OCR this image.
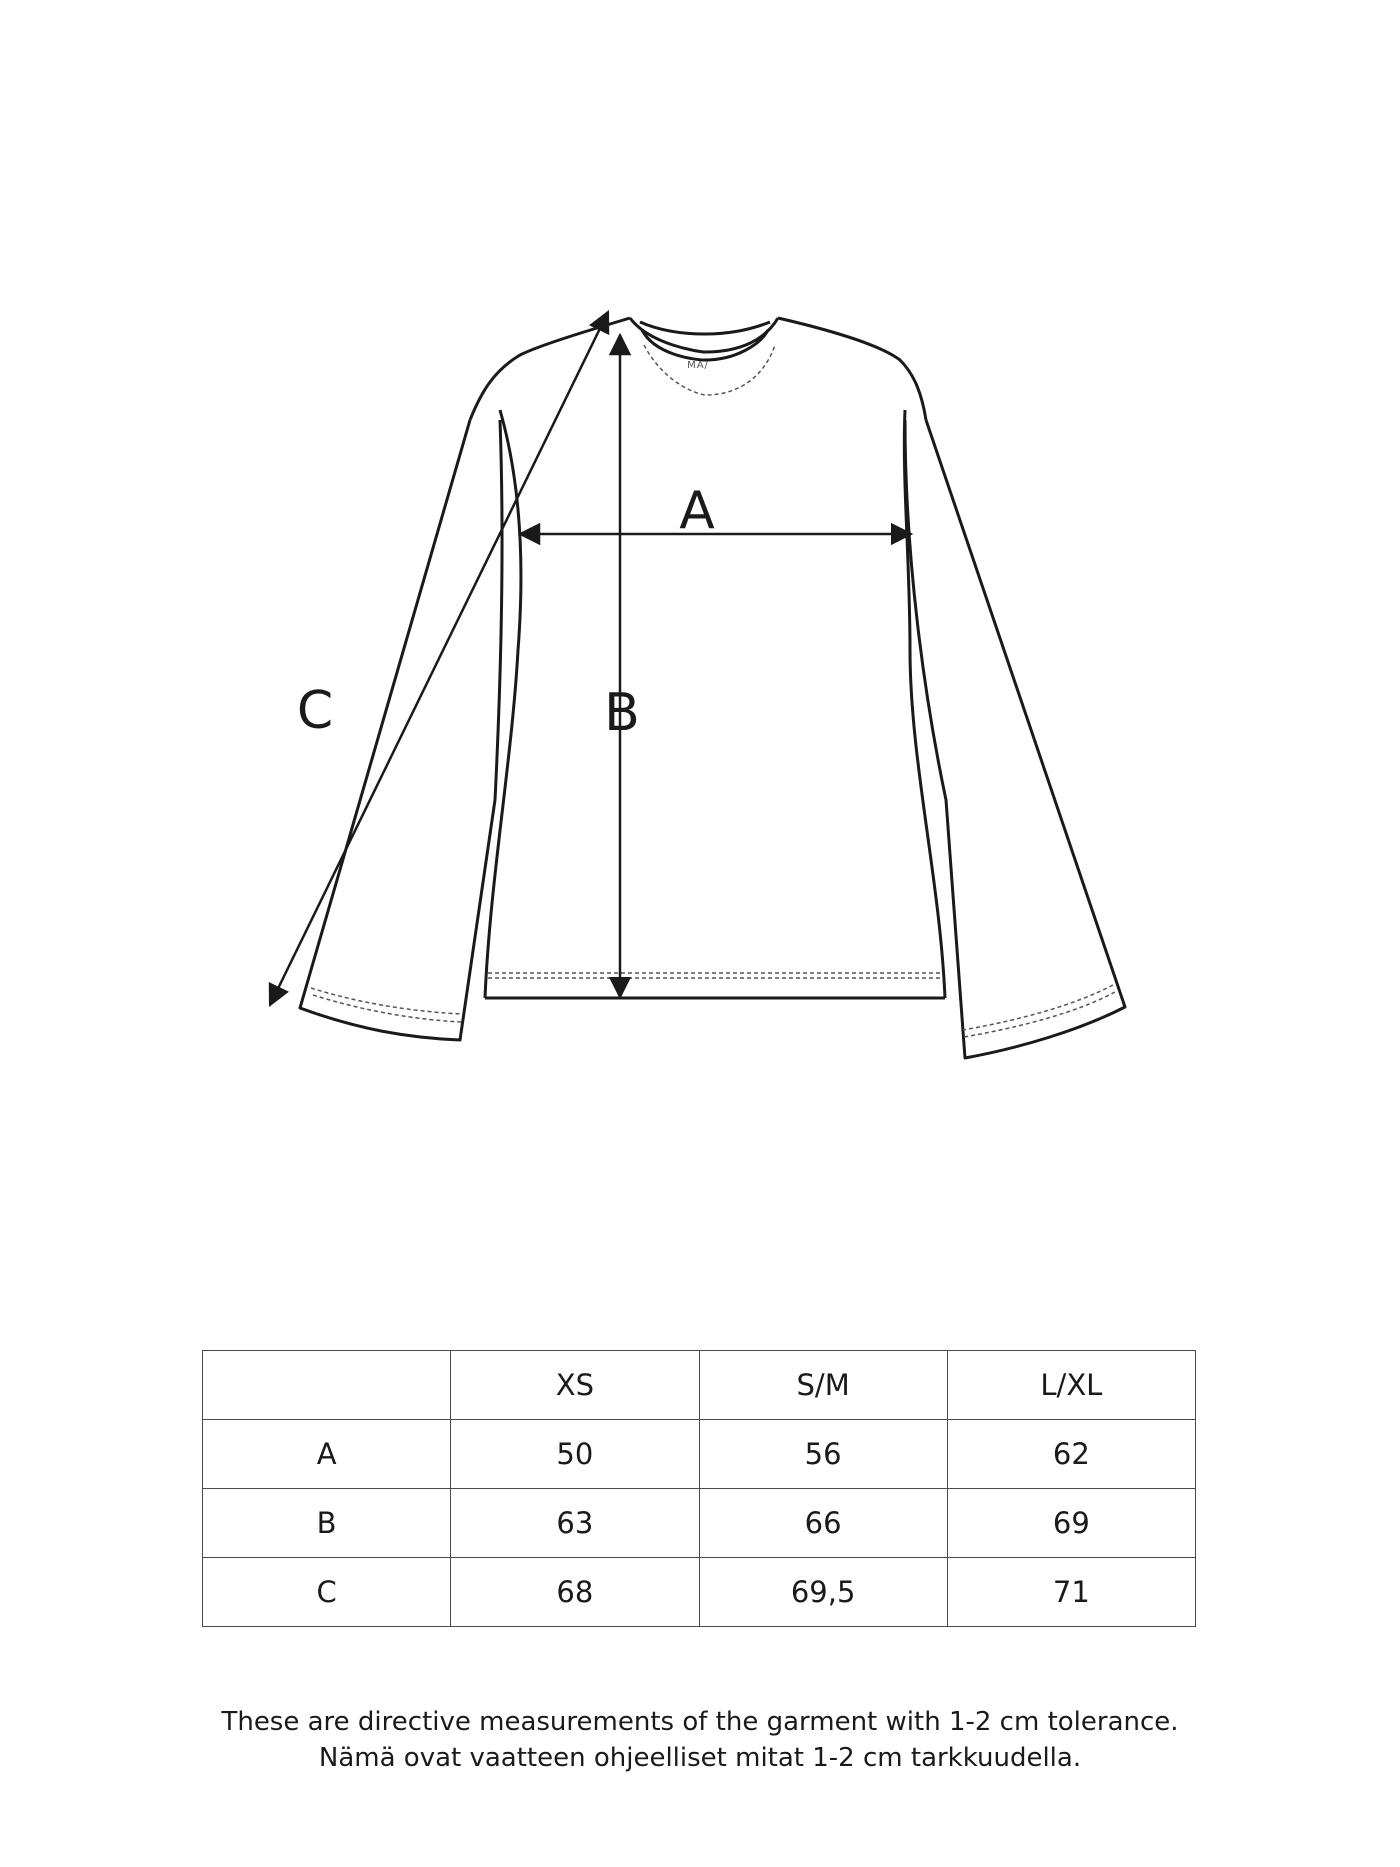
MA/
A
B
C
	XS	S/M	L/XL
A	50	56	62
B	63	66	69
C	68	69,5	71
These are directive measurements of the garment with 1-2 cm tolerance.
Nämä ovat vaatteen ohjeelliset mitat 1-2 cm tarkkuudella.
